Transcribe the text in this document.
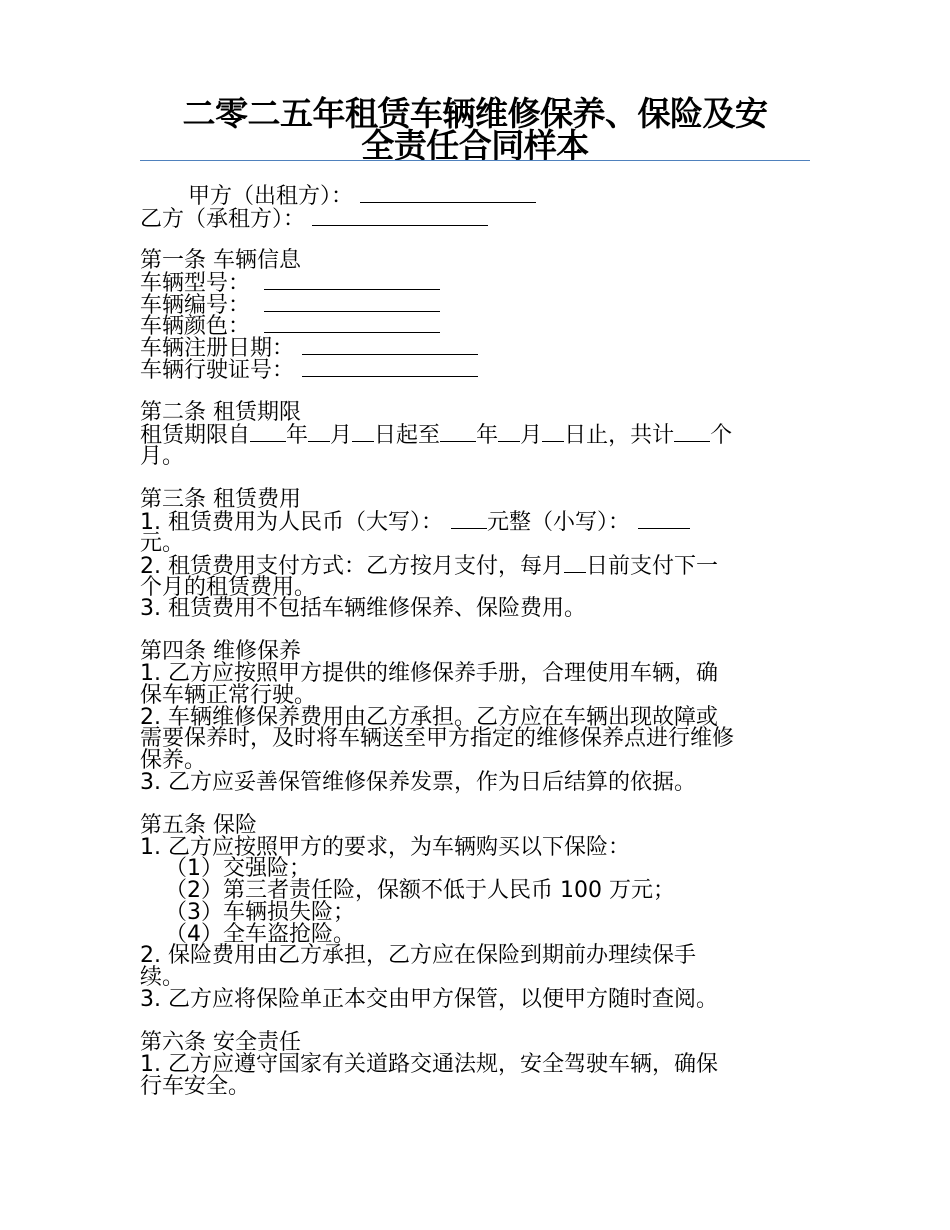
二零二五年租赁车辆维修保养、保险及安
全责任合同样本
甲方（出租方）：
乙方（承租方）：
第一条 车辆信息
车辆型号：
车辆编号：
车辆颜色：
车辆注册日期：
车辆行驶证号：
第二条 租赁期限
租赁期限自 年 月 日起至 年 月 日止，共计 个
月。
第三条 租赁费用
1. 租赁费用为人民币（大写）： 元整（小写）：
元。
2. 租赁费用支付方式：乙方按月支付，每月 日前支付下一
个月的租赁费用。
3. 租赁费用不包括车辆维修保养、保险费用。
第四条 维修保养
1. 乙方应按照甲方提供的维修保养手册，合理使用车辆，确
保车辆正常行驶。
2. 车辆维修保养费用由乙方承担。乙方应在车辆出现故障或
需要保养时，及时将车辆送至甲方指定的维修保养点进行维修
保养。
3. 乙方应妥善保管维修保养发票，作为日后结算的依据。
第五条 保险
1. 乙方应按照甲方的要求，为车辆购买以下保险：
（1）交强险；
（2）第三者责任险，保额不低于人民币 100 万元；
（3）车辆损失险；
（4）全车盗抢险。
2. 保险费用由乙方承担，乙方应在保险到期前办理续保手
续。
3. 乙方应将保险单正本交由甲方保管，以便甲方随时查阅。
第六条 安全责任
1. 乙方应遵守国家有关道路交通法规，安全驾驶车辆，确保
行车安全。
